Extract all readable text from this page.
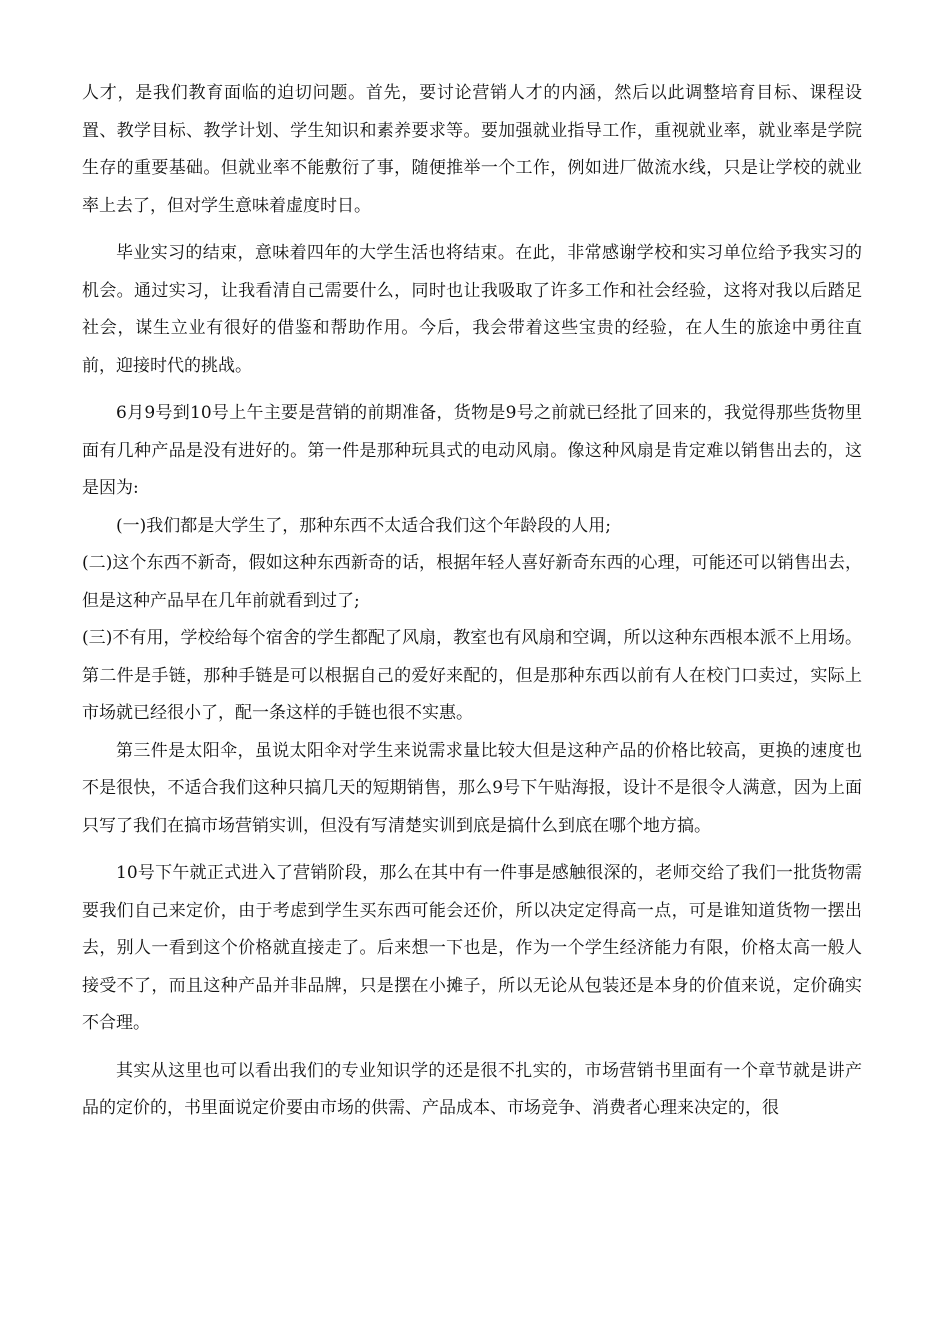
人才，是我们教育面临的迫切问题。首先，要讨论营销人才的内涵，然后以此调整培育目标、课程设置、教学目标、教学计划、学生知识和素养要求等。要加强就业指导工作，重视就业率，就业率是学院生存的重要基础。但就业率不能敷衍了事，随便推举一个工作，例如进厂做流水线，只是让学校的就业率上去了，但对学生意味着虚度时日。

毕业实习的结束，意味着四年的大学生活也将结束。在此，非常感谢学校和实习单位给予我实习的机会。通过实习，让我看清自己需要什么，同时也让我吸取了许多工作和社会经验，这将对我以后踏足社会，谋生立业有很好的借鉴和帮助作用。今后，我会带着这些宝贵的经验，在人生的旅途中勇往直前，迎接时代的挑战。

6月9号到10号上午主要是营销的前期准备，货物是9号之前就已经批了回来的，我觉得那些货物里面有几种产品是没有进好的。第一件是那种玩具式的电动风扇。像这种风扇是肯定难以销售出去的，这是因为:

(一)我们都是大学生了，那种东西不太适合我们这个年龄段的人用;

(二)这个东西不新奇，假如这种东西新奇的话，根据年轻人喜好新奇东西的心理，可能还可以销售出去，但是这种产品早在几年前就看到过了;

(三)不有用，学校给每个宿舍的学生都配了风扇，教室也有风扇和空调，所以这种东西根本派不上用场。第二件是手链，那种手链是可以根据自己的爱好来配的，但是那种东西以前有人在校门口卖过，实际上市场就已经很小了，配一条这样的手链也很不实惠。

第三件是太阳伞，虽说太阳伞对学生来说需求量比较大但是这种产品的价格比较高，更换的速度也不是很快，不适合我们这种只搞几天的短期销售，那么9号下午贴海报，设计不是很令人满意，因为上面只写了我们在搞市场营销实训，但没有写清楚实训到底是搞什么到底在哪个地方搞。

10号下午就正式进入了营销阶段，那么在其中有一件事是感触很深的，老师交给了我们一批货物需要我们自己来定价，由于考虑到学生买东西可能会还价，所以决定定得高一点，可是谁知道货物一摆出去，别人一看到这个价格就直接走了。后来想一下也是，作为一个学生经济能力有限，价格太高一般人接受不了，而且这种产品并非品牌，只是摆在小摊子，所以无论从包装还是本身的价值来说，定价确实不合理。

其实从这里也可以看出我们的专业知识学的还是很不扎实的，市场营销书里面有一个章节就是讲产品的定价的，书里面说定价要由市场的供需、产品成本、市场竞争、消费者心理来决定的，很
